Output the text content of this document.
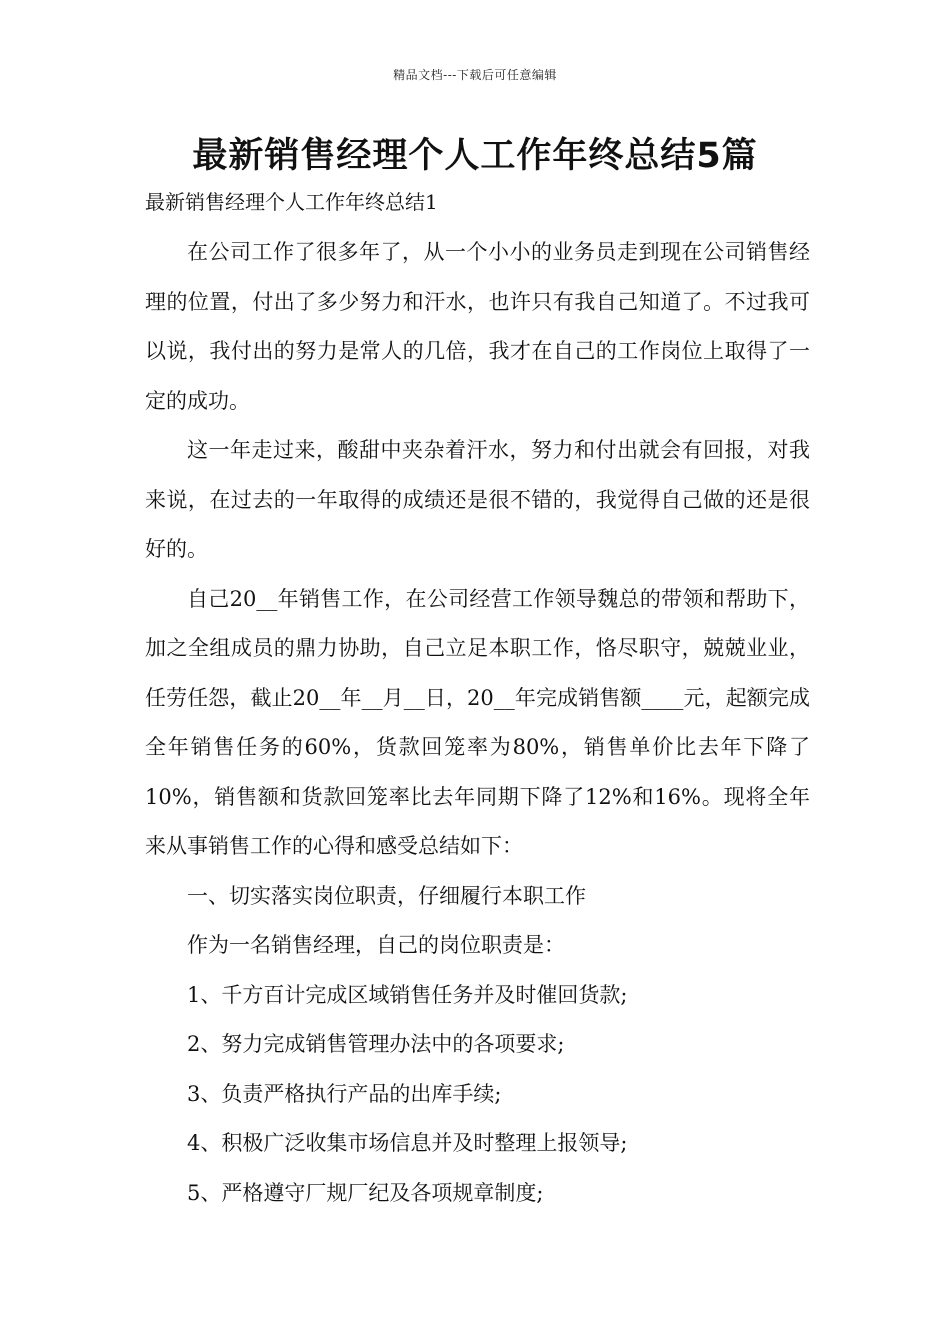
精品文档---下载后可任意编辑
最新销售经理个人工作年终总结5篇
最新销售经理个人工作年终总结1

在公司工作了很多年了，从一个小小的业务员走到现在公司销售经理的位置，付出了多少努力和汗水，也许只有我自己知道了。不过我可以说，我付出的努力是常人的几倍，我才在自己的工作岗位上取得了一定的成功。

这一年走过来，酸甜中夹杂着汗水，努力和付出就会有回报，对我来说，在过去的一年取得的成绩还是很不错的，我觉得自己做的还是很好的。

自己20__年销售工作，在公司经营工作领导魏总的带领和帮助下，加之全组成员的鼎力协助，自己立足本职工作，恪尽职守，兢兢业业，任劳任怨，截止20__年__月__日，20__年完成销售额____元，起额完成全年销售任务的60%，货款回笼率为80%，销售单价比去年下降了10%，销售额和货款回笼率比去年同期下降了12%和16%。现将全年来从事销售工作的心得和感受总结如下：

一、切实落实岗位职责，仔细履行本职工作

作为一名销售经理，自己的岗位职责是：

1、千方百计完成区域销售任务并及时催回货款;

2、努力完成销售管理办法中的各项要求;

3、负责严格执行产品的出库手续;

4、积极广泛收集市场信息并及时整理上报领导;

5、严格遵守厂规厂纪及各项规章制度;
